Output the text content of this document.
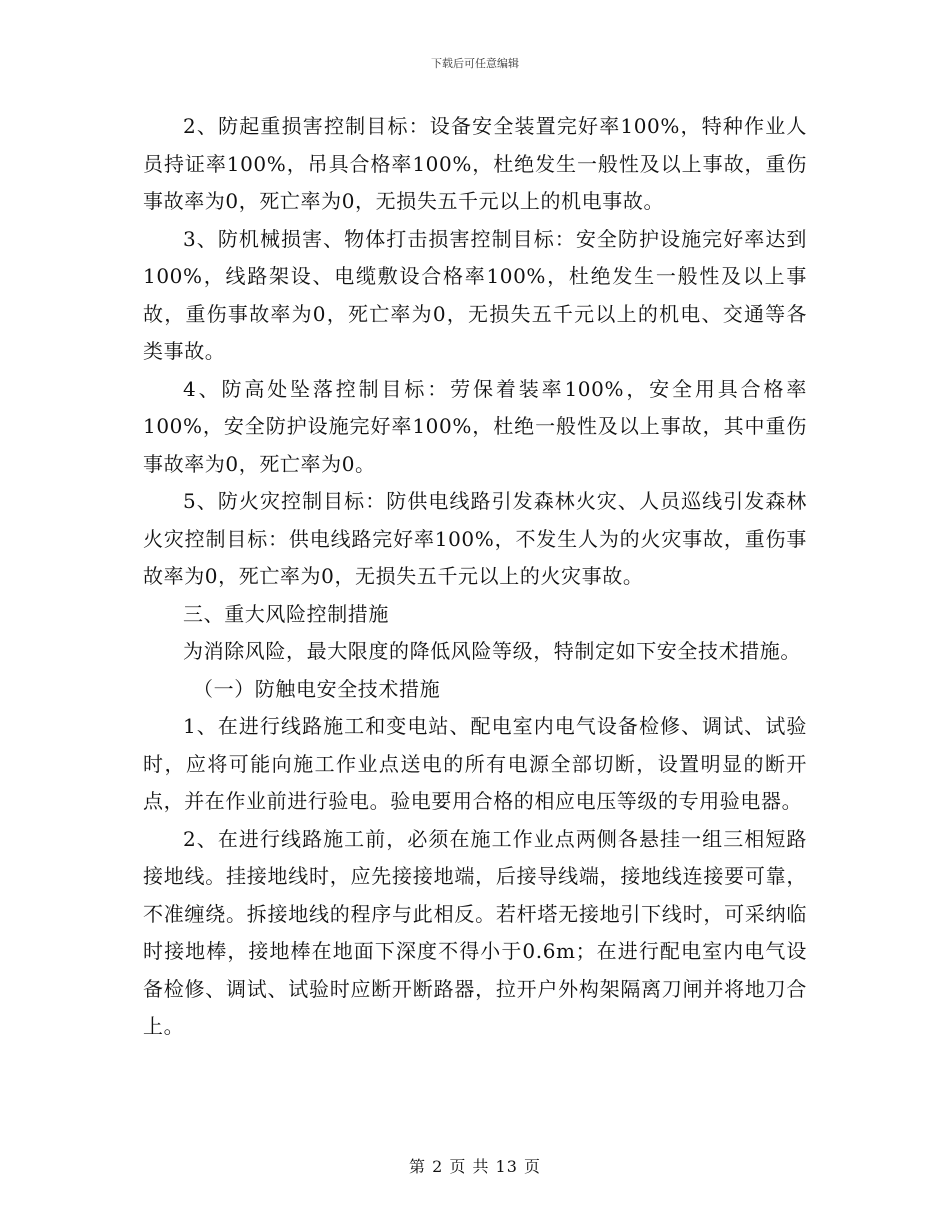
下载后可任意编辑

2、防起重损害控制目标：设备安全装置完好率100%，特种作业人员持证率100%，吊具合格率100%，杜绝发生一般性及以上事故，重伤事故率为0，死亡率为0，无损失五千元以上的机电事故。

3、防机械损害、物体打击损害控制目标：安全防护设施完好率达到100%，线路架设、电缆敷设合格率100%，杜绝发生一般性及以上事故，重伤事故率为0，死亡率为0，无损失五千元以上的机电、交通等各类事故。

4、防高处坠落控制目标：劳保着装率100%，安全用具合格率100%，安全防护设施完好率100%，杜绝一般性及以上事故，其中重伤事故率为0，死亡率为0。

5、防火灾控制目标：防供电线路引发森林火灾、人员巡线引发森林火灾控制目标：供电线路完好率100%，不发生人为的火灾事故，重伤事故率为0，死亡率为0，无损失五千元以上的火灾事故。

三、重大风险控制措施

为消除风险，最大限度的降低风险等级，特制定如下安全技术措施。

（一）防触电安全技术措施

1、在进行线路施工和变电站、配电室内电气设备检修、调试、试验时，应将可能向施工作业点送电的所有电源全部切断，设置明显的断开点，并在作业前进行验电。验电要用合格的相应电压等级的专用验电器。

2、在进行线路施工前，必须在施工作业点两侧各悬挂一组三相短路接地线。挂接地线时，应先接接地端，后接导线端，接地线连接要可靠，不准缠绕。拆接地线的程序与此相反。若杆塔无接地引下线时，可采纳临时接地棒，接地棒在地面下深度不得小于0.6m；在进行配电室内电气设备检修、调试、试验时应断开断路器，拉开户外构架隔离刀闸并将地刀合上。

第 2 页 共 13 页
